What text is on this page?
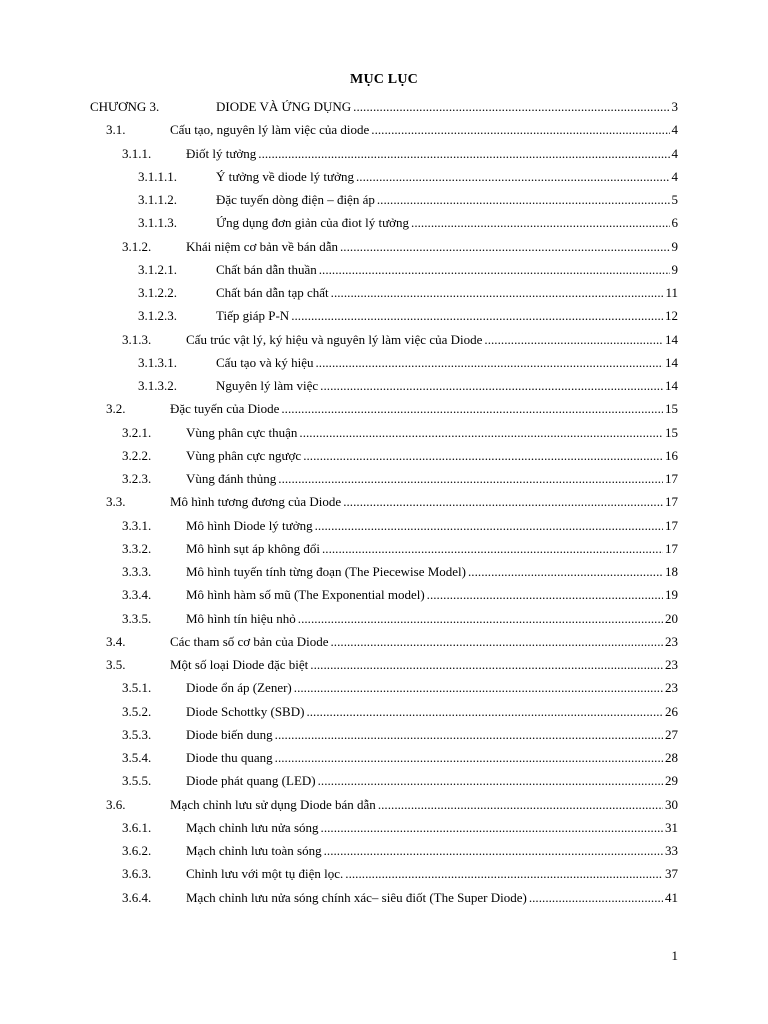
MỤC LỤC
CHƯƠNG 3.	DIODE VÀ ỨNG DỤNG . . .	3
3.1.	Cấu tạo, nguyên lý làm việc của diode . . .	4
3.1.1.	Điốt lý tưởng . . .	4
3.1.1.1.	Ý tưởng về diode lý tưởng . . .	4
3.1.1.2.	Đặc tuyến dòng điện – điện áp . . .	5
3.1.1.3.	Ứng dụng đơn giản của điot lý tưởng . . .	6
3.1.2.	Khái niệm cơ bản về bán dẫn . . .	9
3.1.2.1.	Chất bán dẫn thuần . . .	9
3.1.2.2.	Chất bán dẫn tạp chất . . .	11
3.1.2.3.	Tiếp giáp P-N . . .	12
3.1.3.	Cấu trúc vật lý, ký hiệu và nguyên lý làm việc của Diode . . .	14
3.1.3.1.	Cấu tạo và ký hiệu . . .	14
3.1.3.2.	Nguyên lý làm việc . . .	14
3.2.	Đặc tuyến của Diode . . .	15
3.2.1.	Vùng phân cực thuận . . .	15
3.2.2.	Vùng phân cực ngược . . .	16
3.2.3.	Vùng đánh thủng . . .	17
3.3.	Mô hình tương đương của Diode . . .	17
3.3.1.	Mô hình Diode lý tưởng . . .	17
3.3.2.	Mô hình sụt áp không đổi . . .	17
3.3.3.	Mô hình tuyến tính từng đoạn (The Piecewise Model) . . .	18
3.3.4.	Mô hình hàm số mũ (The Exponential model) . . .	19
3.3.5.	Mô hình tín hiệu nhỏ . . .	20
3.4.	Các tham số cơ bản của Diode . . .	23
3.5.	Một số loại Diode đặc biệt . . .	23
3.5.1.	Diode ổn áp (Zener) . . .	23
3.5.2.	Diode Schottky (SBD) . . .	26
3.5.3.	Diode biến dung . . .	27
3.5.4.	Diode thu quang . . .	28
3.5.5.	Diode phát quang (LED) . . .	29
3.6.	Mạch chỉnh lưu sử dụng Diode bán dẫn . . .	30
3.6.1.	Mạch chỉnh lưu nửa sóng . . .	31
3.6.2.	Mạch chỉnh lưu toàn sóng . . .	33
3.6.3.	Chỉnh lưu với một tụ điện lọc. . . .	37
3.6.4.	Mạch chỉnh lưu nửa sóng chính xác– siêu điốt (The Super Diode) . . .	41
1
